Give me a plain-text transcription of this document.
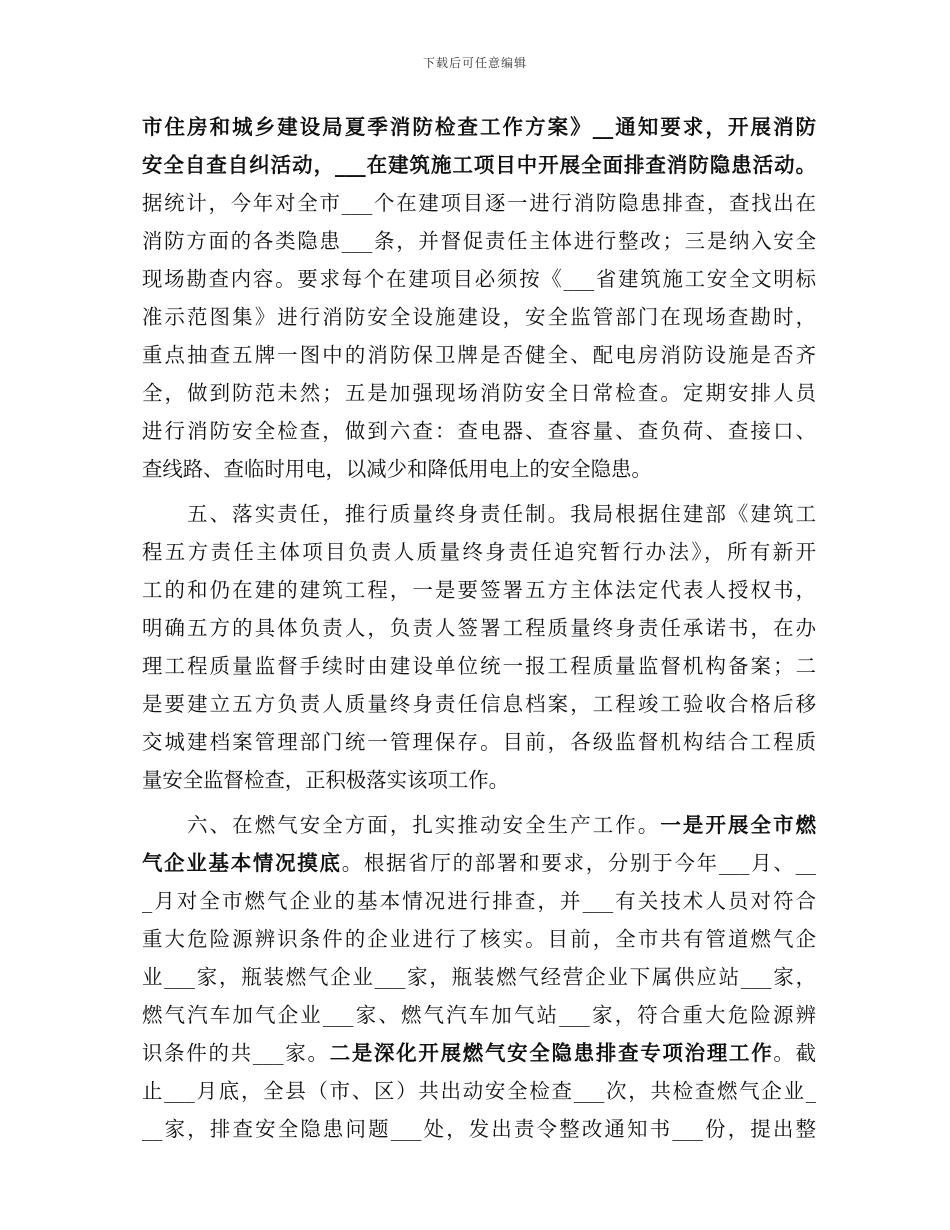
下载后可任意编辑
市住房和城乡建设局夏季消防检查工作方案》__通知要求，开展消防
安全自查自纠活动，___在建筑施工项目中开展全面排查消防隐患活动。
据统计，今年对全市___个在建项目逐一进行消防隐患排查，查找出在
消防方面的各类隐患___条，并督促责任主体进行整改；三是纳入安全
现场勘查内容。要求每个在建项目必须按《___省建筑施工安全文明标
准示范图集》进行消防安全设施建设，安全监管部门在现场查勘时，
重点抽查五牌一图中的消防保卫牌是否健全、配电房消防设施是否齐
全，做到防范未然；五是加强现场消防安全日常检查。定期安排人员
进行消防安全检查，做到六查：查电器、查容量、查负荷、查接口、
查线路、查临时用电，以减少和降低用电上的安全隐患。
　　五、落实责任，推行质量终身责任制。我局根据住建部《建筑工
程五方责任主体项目负责人质量终身责任追究暂行办法》，所有新开
工的和仍在建的建筑工程，一是要签署五方主体法定代表人授权书，
明确五方的具体负责人，负责人签署工程质量终身责任承诺书，在办
理工程质量监督手续时由建设单位统一报工程质量监督机构备案；二
是要建立五方负责人质量终身责任信息档案，工程竣工验收合格后移
交城建档案管理部门统一管理保存。目前，各级监督机构结合工程质
量安全监督检查，正积极落实该项工作。
　　六、在燃气安全方面，扎实推动安全生产工作。一是开展全市燃
气企业基本情况摸底。根据省厅的部署和要求，分别于今年___月、__
_月对全市燃气企业的基本情况进行排查，并___有关技术人员对符合
重大危险源辨识条件的企业进行了核实。目前，全市共有管道燃气企
业___家，瓶装燃气企业___家，瓶装燃气经营企业下属供应站___家，
燃气汽车加气企业___家、燃气汽车加气站___家，符合重大危险源辨
识条件的共___家。二是深化开展燃气安全隐患排查专项治理工作。截
止___月底，全县（市、区）共出动安全检查___次，共检查燃气企业_
__家，排查安全隐患问题___处，发出责令整改通知书___份，提出整
